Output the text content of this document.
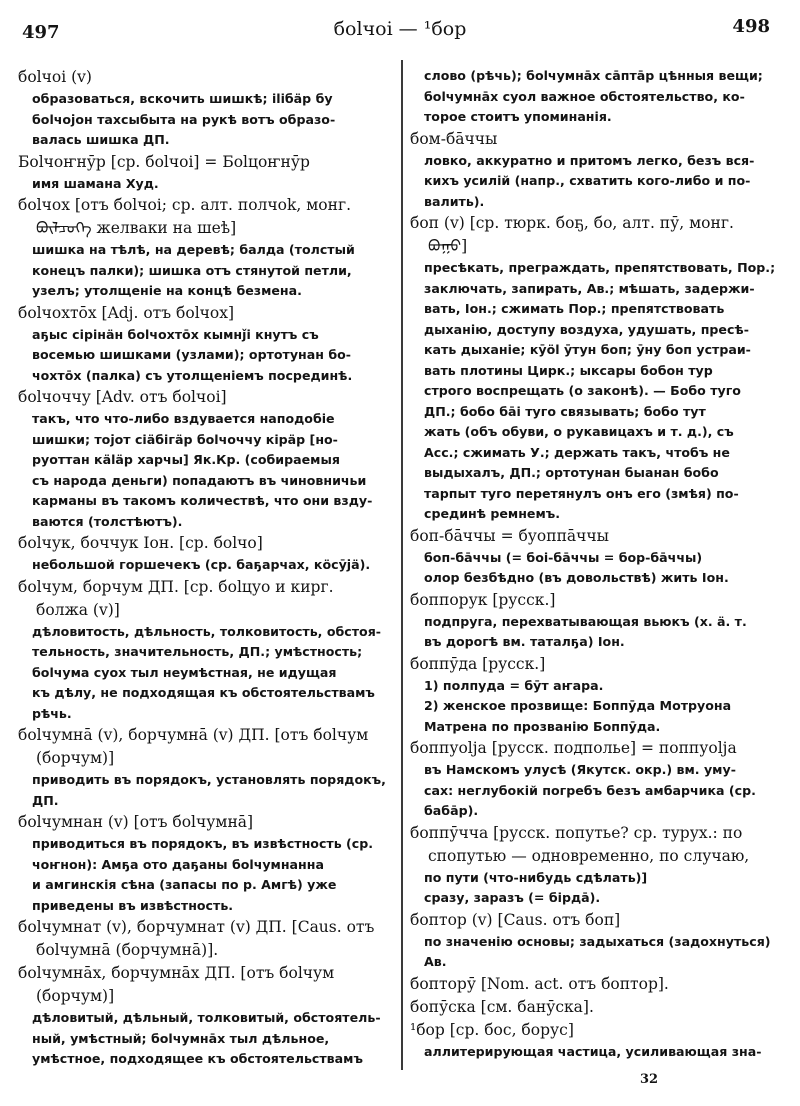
497	боlчоі — ¹бор	498

боlчоі (v)

образоваться, вскочить шишкѣ; ilібäр бу

боlчојон тахсыбыта на рукѣ вотъ образо-

валась шишка ДП.

Боlчоҥнӯр [ср. боlчоі] = Боlцоҥнӯр

имя шамана Худ.

боlчох [отъ боlчоі; ср. алт. полчоk, монг.

ᠪᠦᠯᠴᠦᠬᠡ желваки на шеѣ]

шишка на тѣлѣ, на деревѣ; балда (толстый

конецъ палки); шишка отъ стянутой петли,

узелъ; утолщеніе на концѣ безмена.

боlчохтōх [Adj. отъ боlчох]

аҕыс сірінäн боlчохтōх кымнǰі кнутъ съ

восемью шишками (узлами); ортотунан бо-

чохтōх (палка) съ утолщеніемъ посрединѣ.

боlчоччу [Adv. отъ боlчоі]

такъ, что что-либо вздувается наподобіе

шишки; тојот сіäбігäр боlчоччу кірäр [но-

руоттан кäläр харчы] Як.Кр. (собираемыя

съ народа деньги) попадаютъ въ чиновничьи

карманы въ такомъ количествѣ, что они взду-

ваются (толстѣютъ).

боlчук, боччук Іон. [ср. боlчо]

небольшой горшечекъ (ср. баҕарчах, кöсӯјä).

боlчум, борчум ДП. [ср. боlцуо и кирг.

болжа (v)]

дѣловитость, дѣльность, толковитость, обстоя-

тельность, значительность, ДП.; умѣстность;

боlчума суох тыл неумѣстная, не идущая

къ дѣлу, не подходящая къ обстоятельствамъ

рѣчь.

боlчумнā (v), борчумнā (v) ДП. [отъ боlчум

(борчум)]

приводить въ порядокъ, установлять порядокъ,

ДП.

боlчумнан (v) [отъ боlчумнā]

приводиться въ порядокъ, въ извѣстность (ср.

чоҥнон): Амҕа ото даҕаны боlчумнанна

и амгинскія сѣна (запасы по р. Амгѣ) уже

приведены въ извѣстность.

боlчумнат (v), борчумнат (v) ДП. [Caus. отъ

боlчумнā (борчумнā)].

боlчумнāх, борчумнāх ДП. [отъ боlчум

(борчум)]

дѣловитый, дѣльный, толковитый, обстоятель-

ный, умѣстный; боlчумнāх тыл дѣльное,

умѣстное, подходящее къ обстоятельствамъ

слово (рѣчь); боlчумнāх сāптāр цѣнныя вещи;

боlчумнāх суол важное обстоятельство, ко-

торое стоитъ упоминанія.

бом-бāччы

ловко, аккуратно и притомъ легко, безъ вся-

кихъ усилій (напр., схватить кого-либо и по-

валить).

боп (v) [ср. тюрк. боҕ, бо, алт. пӯ, монг.

ᠪᠣᠭᠣ]

пресѣкать, преграждать, препятствовать, Пор.;

заключать, запирать, Ав.; мѣшать, задержи-

вать, Іон.; сжимать Пор.; препятствовать

дыханію, доступу воздуха, удушать, пресѣ-

кать дыханіе; кӯöl ӯтун боп; ӯну боп устраи-

вать плотины Цирк.; ыксары бобон тур

строго воспрещать (о законѣ). — Бобо туго

ДП.; бобо бāі туго связывать; бобо тут

жать (объ обуви, о рукавицахъ и т. д.), съ

Acc.; сжимать У.; держать такъ, чтобъ не

выдыхалъ, ДП.; ортотунан быанан бобо

тарпыт туго перетянулъ онъ его (змѣя) по-

срединѣ ремнемъ.

боп-бāччы = буоппāччы

боп-бāччы (= боі-бāччы = бор-бāччы)

олор безбѣдно (въ довольствѣ) жить Іон.

боппорук [русск.]

подпруга, перехватывающая вьюкъ (х. ä. т.

въ дорогѣ вм. таталҕа) Іон.

боппӯда [русск.]

1) полпуда = бӯт аҥара.

2) женское прозвище: Боппӯда Мотруона

Матрена по прозванію Боппӯда.

боппуоlја [русск. подполье] = поппуоlја

въ Намскомъ улусѣ (Якутск. окр.) вм. уму-

сах: неглубокій погребъ безъ амбарчика (ср.

бабāр).

боппӯчча [русск. попутье? ср. турух.: по

спопутью — одновременно, по случаю,

по пути (что-нибудь сдѣлать)]

сразу, заразъ (= бірдā).

боптор (v) [Caus. отъ боп]

по значенію основы; задыхаться (задохнуться)

Ав.

бопторӯ [Nom. act. отъ боптор].

бопӯска [см. банӯска].

¹бор [ср. бос, борус]

аллитерирующая частица, усиливающая зна-

32
